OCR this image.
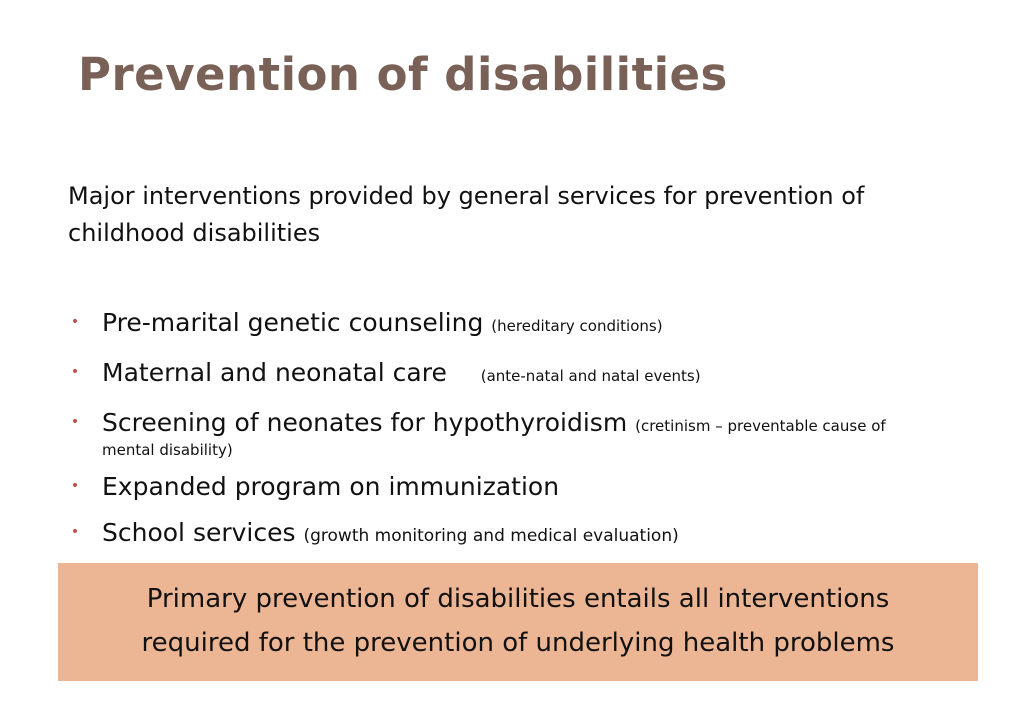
Prevention of disabilities
Major interventions provided by general services for prevention of childhood disabilities
• Pre-marital genetic counseling (hereditary conditions)
• Maternal and neonatal care (ante-natal and natal events)
• Screening of neonates for hypothyroidism (cretinism – preventable cause of
mental disability)
• Expanded program on immunization
• School services (growth monitoring and medical evaluation)
Primary prevention of disabilities entails all interventions
required for the prevention of underlying health problems
